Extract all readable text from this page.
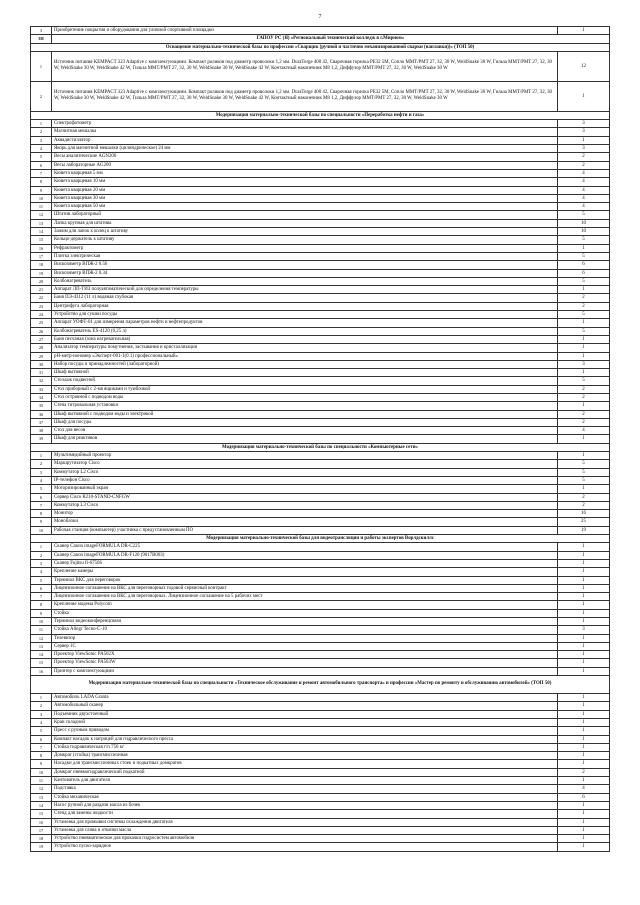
7
3	Приобретение покрытия и оборудования для уличной спортивной площадки	1
3Н	ГАПОУ РС (Я) «Региональный технический колледж в г.Мирном»	
Оснащение материально-технической базы по профессии «Сварщик (ручной и частично механизированной сварки (наплавки))» (ТОП 50)		
1	Источник питания KEMPACT 323 Adaptive с комплектующими. Компакт роликов под диаметр проволоки 1,2 мм. DuraTorge 400 42, Сварочная горелка PE32 5M, Сопло MMT/PMT 27, 32, 30 W, WeldSnake 30 W, Гильза MMT/PMT 27, 32, 30 W, WeldSnake 30 W, WeldSnake 42 W, Гильза MMT/PMT 27, 32, 30 W, WeldSnake 30 W, WeldSnake 42 W, Контактный наконечник M8 1,2, Диффузор MMT/PMT 27, 32, 30 W, WeldSnake 30 W	12
2	Источник питания KEMPACT 323 Adaptive с комплектующими. Компакт роликов под диаметр проволоки 1,2 мм. DuraTorge 400 42, Сварочная горелка PE32 5M, Сопло MMT/PMT 27, 32, 30 W, WeldSnake 30 W, Гильза MMT/PMT 27, 32, 30 W, WeldSnake 30 W, WeldSnake 42 W, Гильза MMT/PMT 27, 32, 30 W, WeldSnake 30 W, WeldSnake 42 W, Контактный наконечник M8 1,2, Диффузор MMT/PMT 27, 32, 30 W, WeldSnake 30 W	1
Модернизация материально-технической базы по специальности «Переработка нефти и газа»		
1	Спектрофотометр	3
2	Магнитная мешалка	3
3	Аквадистиллятор	1
4	Якорь для магнитной мешалки (цилиндрическое) 24 мм	3
5	Весы аналитические AGN200	2
6	Весы лабораторные AG200	2
7	Кювета кварцевая 5 мм	4
8	Кювета кварцевая 10 мм	4
9	Кювета кварцевая 20 мм	4
10	Кювета кварцевая 30 мм	4
11	Кювета кварцевая 50 мм	4
12	Штатив лабораторный	5
13	Лапка крупная для штатива	10
14	Зажим для лапок к колец к штативу	10
15	Кольцо-держатель к штативу	5
16	Рефрактометр	1
17	Плитка электрическая	5
18	Вискозиметр ВПЖ-2 0.56	6
19	Вискозиметр ВПЖ-2 0.34	6
20	Колбонагреватель	5
21	Аппарат ЛП-ТИЗ полуавтоматический для определения температуры	1
22	Баня ПЭ-4312 (11 л) водяная глубокая	2
23	Центрифуга лабораторная	2
24	Устройство для сушки посуды	5
25	Аппарат УОФТ-01 для измерения параметров нефти и нефтепродуктов	1
26	Колбонагреватель ES-4120 (0,25 л)	5
27	Баня песчаная (зона нагревательная)	1
28	Анализатор температуры помутнения, застывания и кристаллизации	1
29	рН-метр-иономер «Эксперт-001-1(0.1) профессиональный»	1
30	Набор посуды и принадлежностей (лабораторной)	3
31	Шкаф вытяжной	1
32	Стеллаж подвесной	5
33	Стол приборный с 2-мя ящиками и тумбочкой	2
34	Стол островной с подводом воды	2
35	Стена титровальная установки	1
36	Шкаф вытяжной с подводом воды и электрикой	2
37	Шкаф для посуды	2
38	Стол для весов	4
39	Шкаф для реактивов	1
Модернизация материально-технической базы по специальности «Компьютерные сети»		
1	Мультимедийный проектор	1
2	Маршрутизатор Cisco	5
3	Коммутатор L2 Cisco	5
4	IP-телефон Cisco	5
5	Моторизированный экран	1
6	Сервер Cisco R210-STAND-CNFGW	2
7	Коммутатор L3 Cisco	2
8	Монитор	16
9	Моноблоки	25
10	Рабочая станция (компьютер) участника с предустановленным ПО	19
Модернизация материально-технической базы для видеотрансляции и работы экспертов Ворлдскиллс		
1	Сканер Canon imageFORMULA DR-C225	1
2	Сканер Canon imageFORMULA DR-F120 (9017B003)	1
3	Сканер Fujitsu fi-6750S	1
4	Крепление камеры	1
5	Терминал ВКС для переговорок	1
6	Лицензионное соглашение на ВКС для переговорных годовой сервисный контракт	1
7	Лицензионное соглашение на ВКС для переговорных. Лицензионное соглашение на 5 рабочих мест	1
8	Крепление модема Polycom	1
9	Стойка	1
10	Терминал видеоконференцсвязи	1
11	Стойка Allegr Tecno-C-10	3
12	Телевизор	1
13	Сервер 1С	1
14	Проектор ViewSonic PA502X	1
15	Проектор ViewSonic PA503W	1
16	Принтер с комплектующими	1
Модернизация материально-технической базы по специальности «Техническое обслуживание и ремонт автомобильного транспорта» и профессии «Мастер по ремонту и обслуживанию автомобилей» (ТОП 50)		
1	Автомобиль LADA Granta	1
2	Автомобильный сканер	1
3	Подъемник двухстоечный	1
4	Кран складной	1
5	Пресс с ручным приводом	1
6	Компакт насадок к натрицей для гидравлического пресса	1
7	Стойка гидравлическая г/п 750 кг	1
8	Домкрат (стойка) трансмиссионная	1
9	Насадки для трансмиссионных стоек и подкатных домкратов	1
10	Домкрат пневмогидравлический подкатной	2
11	Кантователь для двигателя	1
12	Подставка	4
13	Стойка механическая	6
14	Насос ручной для раздачи масла из бочек	1
15	Стенд для замены жидкости	1
16	Установка для промывки системы охлаждения двигателя	1
17	Установка для слива и откачки масла	1
18	Устройство пневматическое для прокачки гидросистем автомобиля	1
19	Устройство пуско-зарядное	1
